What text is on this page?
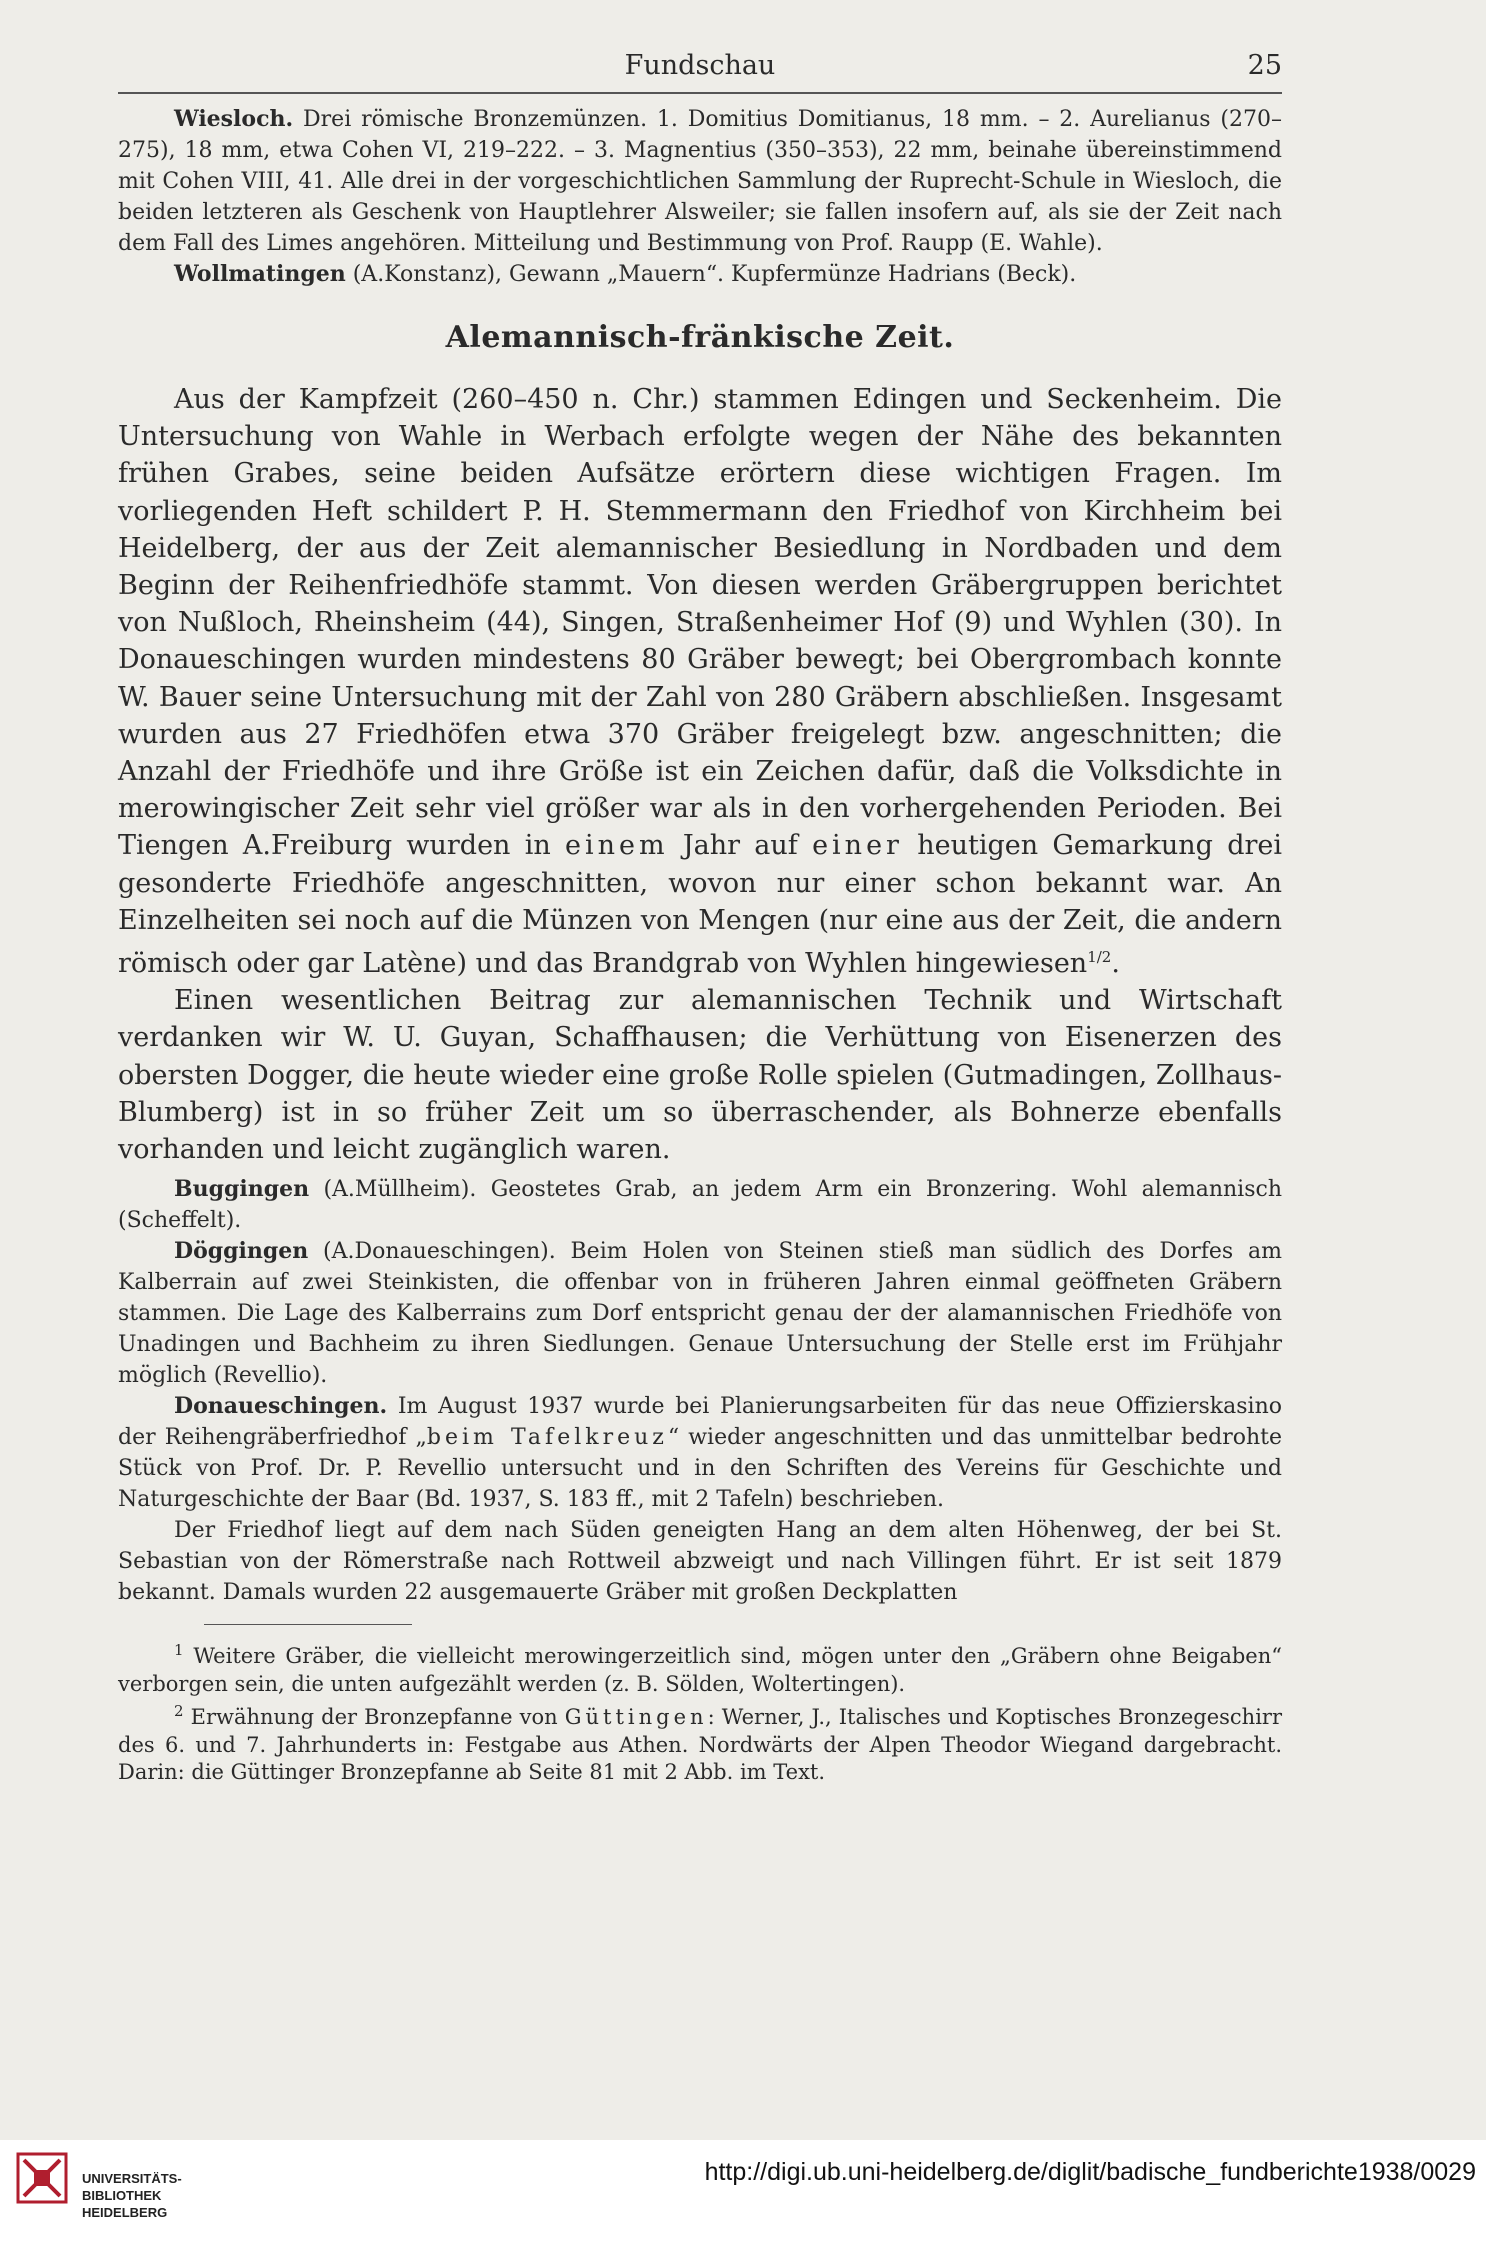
Fundschau	25

Wiesloch. Drei römische Bronzemünzen. 1. Domitius Domitianus, 18 mm. – 2. Aurelianus (270–275), 18 mm, etwa Cohen VI, 219–222. – 3. Magnentius (350–353), 22 mm, beinahe übereinstimmend mit Cohen VIII, 41. Alle drei in der vorgeschichtlichen Sammlung der Ruprecht-Schule in Wiesloch, die beiden letzteren als Geschenk von Hauptlehrer Alsweiler; sie fallen insofern auf, als sie der Zeit nach dem Fall des Limes angehören. Mitteilung und Bestimmung von Prof. Raupp (E. Wahle).

Wollmatingen (A.Konstanz), Gewann „Mauern“. Kupfermünze Hadrians (Beck).

Alemannisch-fränkische Zeit.

Aus der Kampfzeit (260–450 n. Chr.) stammen Edingen und Seckenheim. Die Untersuchung von Wahle in Werbach erfolgte wegen der Nähe des bekannten frühen Grabes, seine beiden Aufsätze erörtern diese wichtigen Fragen. Im vorliegenden Heft schildert P. H. Stemmermann den Friedhof von Kirchheim bei Heidelberg, der aus der Zeit alemannischer Besiedlung in Nordbaden und dem Beginn der Reihenfriedhöfe stammt. Von diesen werden Gräbergruppen berichtet von Nußloch, Rheinsheim (44), Singen, Straßenheimer Hof (9) und Wyhlen (30). In Donaueschingen wurden mindestens 80 Gräber bewegt; bei Obergrombach konnte W. Bauer seine Untersuchung mit der Zahl von 280 Gräbern abschließen. Insgesamt wurden aus 27 Friedhöfen etwa 370 Gräber freigelegt bzw. angeschnitten; die Anzahl der Friedhöfe und ihre Größe ist ein Zeichen dafür, daß die Volksdichte in merowingischer Zeit sehr viel größer war als in den vorhergehenden Perioden. Bei Tiengen A.Freiburg wurden in einem Jahr auf einer heutigen Gemarkung drei gesonderte Friedhöfe angeschnitten, wovon nur einer schon bekannt war. An Einzelheiten sei noch auf die Münzen von Mengen (nur eine aus der Zeit, die andern römisch oder gar Latène) und das Brandgrab von Wyhlen hingewiesen$^{1/2}$.

Einen wesentlichen Beitrag zur alemannischen Technik und Wirtschaft verdanken wir W. U. Guyan, Schaffhausen; die Verhüttung von Eisenerzen des obersten Dogger, die heute wieder eine große Rolle spielen (Gutmadingen, Zollhaus-Blumberg) ist in so früher Zeit um so überraschender, als Bohnerze ebenfalls vorhanden und leicht zugänglich waren.

Buggingen (A.Müllheim). Geostetes Grab, an jedem Arm ein Bronzering. Wohl alemannisch (Scheffelt).

Döggingen (A.Donaueschingen). Beim Holen von Steinen stieß man südlich des Dorfes am Kalberrain auf zwei Steinkisten, die offenbar von in früheren Jahren einmal geöffneten Gräbern stammen. Die Lage des Kalberrains zum Dorf entspricht genau der der alamannischen Friedhöfe von Unadingen und Bachheim zu ihren Siedlungen. Genaue Untersuchung der Stelle erst im Frühjahr möglich (Revellio).

Donaueschingen. Im August 1937 wurde bei Planierungsarbeiten für das neue Offizierskasino der Reihengräberfriedhof „beim Tafelkreuz“ wieder angeschnitten und das unmittelbar bedrohte Stück von Prof. Dr. P. Revellio untersucht und in den Schriften des Vereins für Geschichte und Naturgeschichte der Baar (Bd. 1937, S. 183 ff., mit 2 Tafeln) beschrieben.

Der Friedhof liegt auf dem nach Süden geneigten Hang an dem alten Höhenweg, der bei St. Sebastian von der Römerstraße nach Rottweil abzweigt und nach Villingen führt. Er ist seit 1879 bekannt. Damals wurden 22 ausgemauerte Gräber mit großen Deckplatten

$^1$ Weitere Gräber, die vielleicht merowingerzeitlich sind, mögen unter den „Gräbern ohne Beigaben“ verborgen sein, die unten aufgezählt werden (z. B. Sölden, Woltertingen).

$^2$ Erwähnung der Bronzepfanne von Güttingen: Werner, J., Italisches und Koptisches Bronzegeschirr des 6. und 7. Jahrhunderts in: Festgabe aus Athen. Nordwärts der Alpen Theodor Wiegand dargebracht. Darin: die Güttinger Bronzepfanne ab Seite 81 mit 2 Abb. im Text.

UNIVERSITÄTS-
BIBLIOTHEK
HEIDELBERG
http://digi.ub.uni-heidelberg.de/diglit/badische_fundberichte1938/0029
